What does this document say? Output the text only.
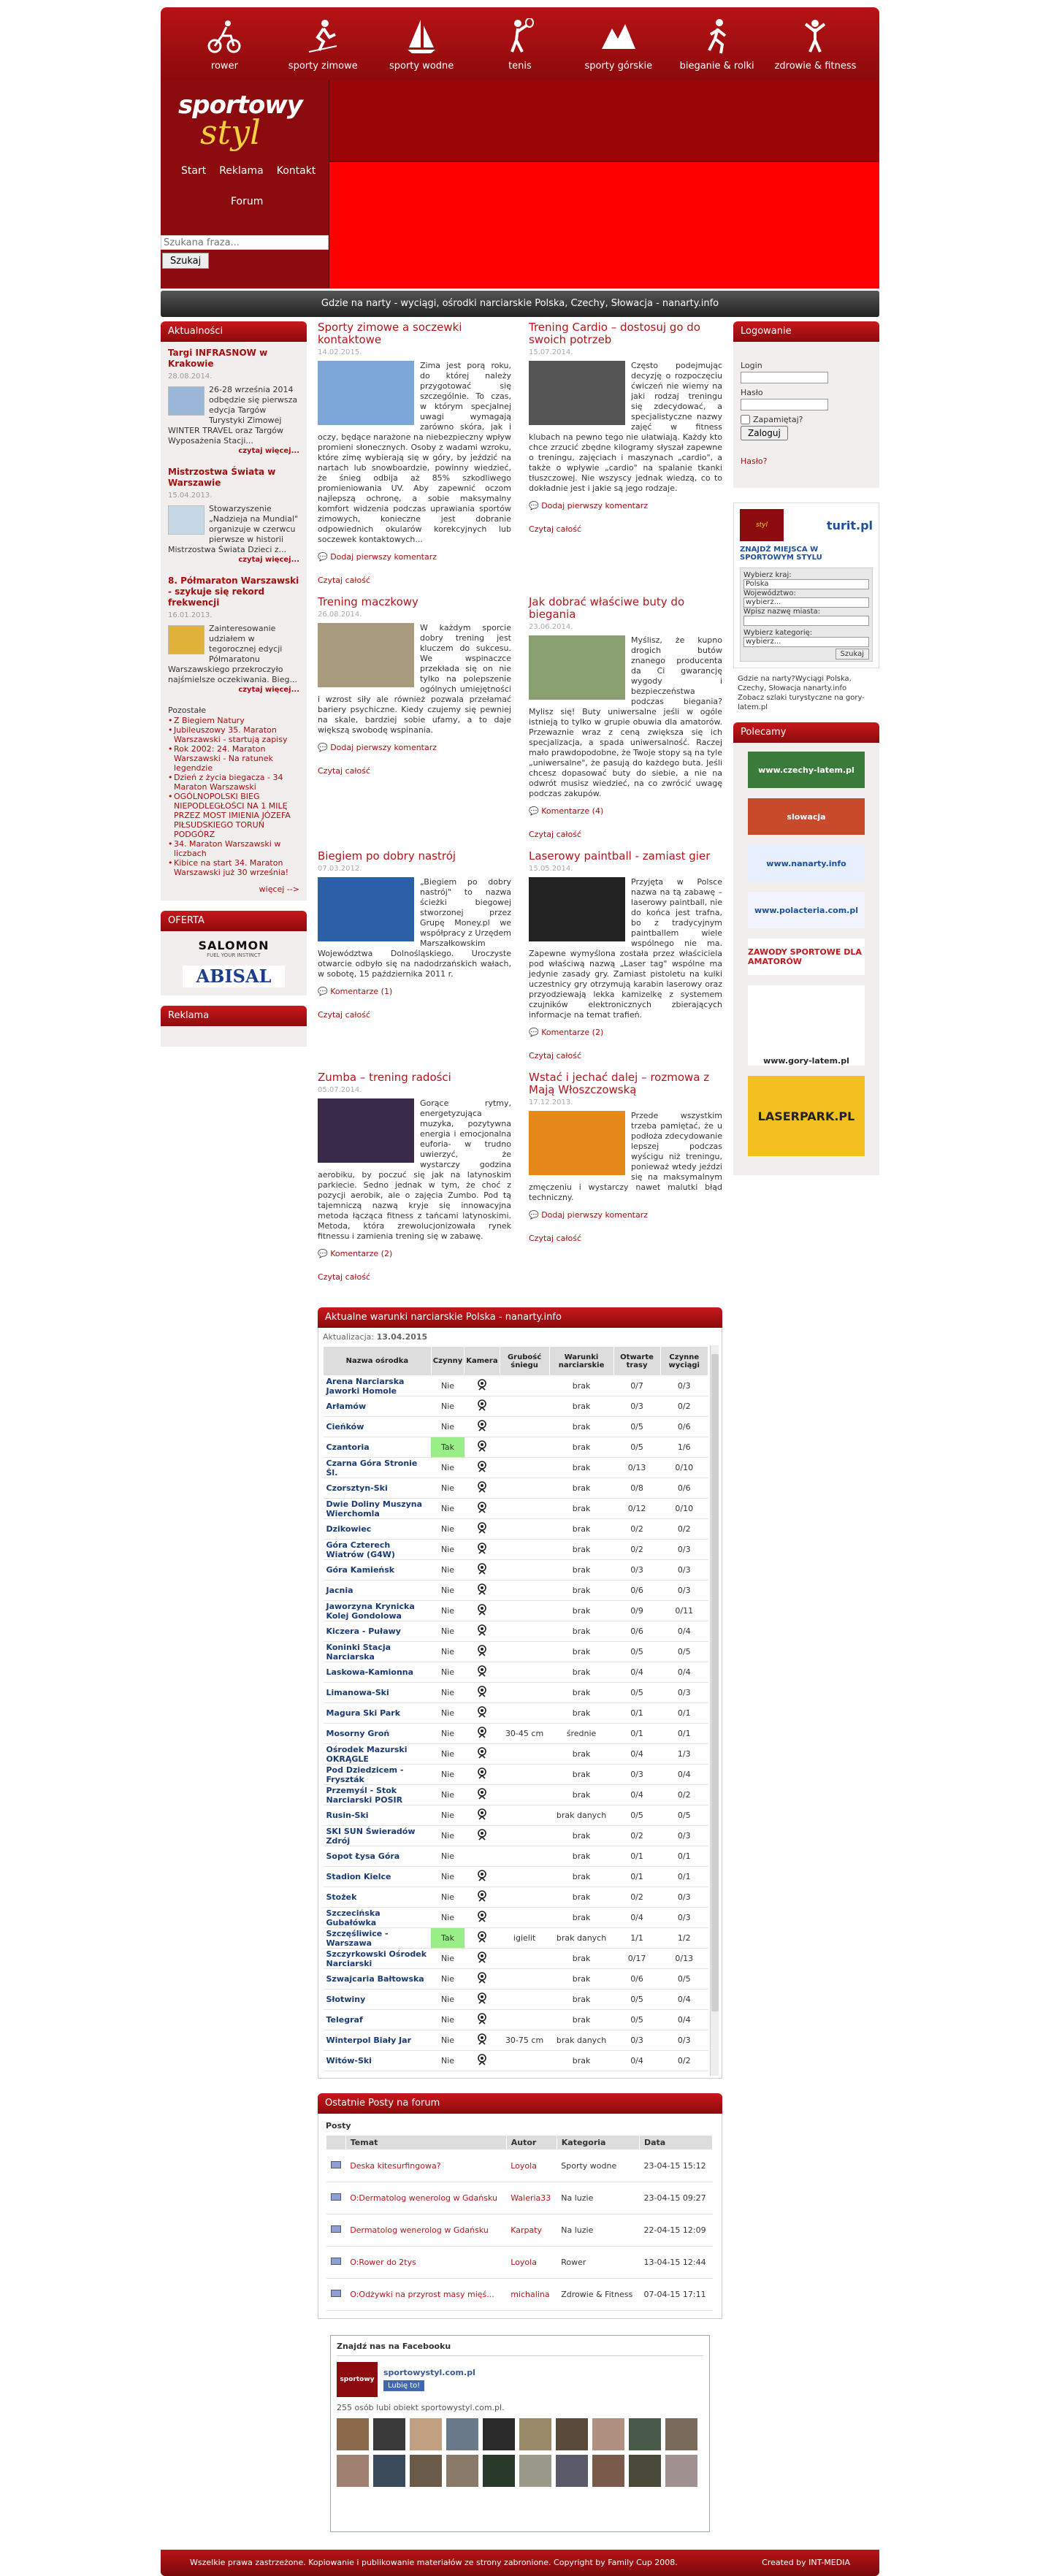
rower	sporty zimowe	sporty wodne	tenis	sporty górskie	bieganie & rolki zdrowie & fitness
sportowy
styl
Start Reklama Kontakt
Forum
Szukana fraza... Szukaj
Gdzie na narty - wyciągi, ośrodki narciarskie Polska, Czechy, Słowacja - nanarty.info
Aktualności
Targi INFRASNOW w Krakowie
28.08.2014.
26-28 września 2014 odbędzie się pierwsza edycja Targów Turystyki Zimowej WINTER TRAVEL oraz Targów Wyposażenia Stacji...
czytaj więcej...
Mistrzostwa Świata w Warszawie
15.04.2013.
Stowarzyszenie „Nadzieja na Mundial" organizuje w czerwcu pierwsze w historii Mistrzostwa Świata Dzieci z...
czytaj więcej...
8. Półmaraton Warszawski - szykuje się rekord frekwencji
16.01.2013.
Zainteresowanie udziałem w tegorocznej edycji Półmaratonu Warszawskiego przekroczyło najśmielsze oczekiwania. Bieg...
czytaj więcej...
Pozostałe
• Z Biegiem Natury
• Jubileuszowy 35. Maraton Warszawski - startują zapisy
• Rok 2002: 24. Maraton Warszawski - Na ratunek legendzie
• Dzień z życia biegacza - 34 Maraton Warszawski
• OGÓLNOPOLSKI BIEG NIEPODLEGŁOŚCI NA 1 MILĘ PRZEZ MOST IMIENIA JÓZEFA PIŁSUDSKIEGO TORUŃ PODGÓRZ
• 34. Maraton Warszawski w liczbach
• Kibice na start 34. Maraton Warszawski już 30 września!
więcej -->
OFERTA
SALOMON
FUEL YOUR INSTINCT
ABISAL
Reklama
Sporty zimowe a soczewki kontaktowe
14.02.2015.
Zima jest porą roku, do której należy przygotować się szczególnie. To czas, w którym specjalnej uwagi wymagają zarówno skóra, jak i oczy, będące narażone na niebezpieczny wpływ promieni słonecznych. Osoby z wadami wzroku, które zimę wybierają się w góry, by jeździć na nartach lub snowboardzie, powinny wiedzieć, że śnieg odbija aż 85% szkodliwego promieniowania UV. Aby zapewnić oczom najlepszą ochronę, a sobie maksymalny komfort widzenia podczas uprawiania sportów zimowych, konieczne jest dobranie odpowiednich okularów korekcyjnych lub soczewek kontaktowych...
💬 Dodaj pierwszy komentarz
Czytaj całość
Trening Cardio – dostosuj go do swoich potrzeb
15.07.2014.
Często podejmując decyzję o rozpoczęciu ćwiczeń nie wiemy na jaki rodzaj treningu się zdecydować, a specjalistyczne nazwy zajęć w fitness klubach na pewno tego nie ułatwiają. Każdy kto chce zrzucić zbędne kilogramy słyszał zapewne o treningu, zajęciach i maszynach „cardio", a także o wpływie „cardio" na spalanie tkanki tłuszczowej. Nie wszyscy jednak wiedzą, co to dokładnie jest i jakie są jego rodzaje.
💬 Dodaj pierwszy komentarz
Czytaj całość
Trening maczkowy
26.08.2014.
W każdym sporcie dobry trening jest kluczem do sukcesu. We wspinaczce przekłada się on nie tylko na polepszenie ogólnych umiejętności i wzrost siły ale również pozwala przełamać bariery psychiczne. Kiedy czujemy się pewniej na skale, bardziej sobie ufamy, a to daje większą swobodę wspinania.
💬 Dodaj pierwszy komentarz
Czytaj całość
Jak dobrać właściwe buty do biegania
23.06.2014.
Myślisz, że kupno drogich butów znanego producenta da Ci gwarancję wygody i bezpieczeństwa podczas biegania? Mylisz się! Buty uniwersalne jeśli w ogóle istnieją to tylko w grupie obuwia dla amatorów. Przewaznie wraz z ceną zwiększa się ich specjalizacja, a spada uniwersalność. Raczej mało prawdopodobne, że Twoje stopy są na tyle „uniwersalne", że pasują do każdego buta. Jeśli chcesz dopasować buty do siebie, a nie na odwrót musisz wiedzieć, na co zwrócić uwagę podczas zakupów.
💬 Komentarze (4)
Czytaj całość
Biegiem po dobry nastrój
07.03.2012.
„Biegiem po dobry nastrój" to nazwa ścieżki biegowej stworzonej przez Grupę Money.pl we współpracy z Urzędem Marszałkowskim Województwa Dolnośląskiego. Uroczyste otwarcie odbyło się na nadodrzańskich wałach, w sobotę, 15 października 2011 r.
💬 Komentarze (1)
Czytaj całość
Laserowy paintball - zamiast gier
15.05.2014.
Przyjęta w Polsce nazwa na tą zabawę – laserowy paintball, nie do końca jest trafna, bo z tradycyjnym paintballem wiele wspólnego nie ma. Zapewne wymyślona została przez właściciela pod właściwą nazwą „Laser tag" wspólne ma jedynie zasady gry. Zamiast pistoletu na kulki uczestnicy gry otrzymują karabin laserowy oraz przyodziewają lekka kamizelkę z systemem czujników elektronicznych zbierających informacje na temat trafień.
💬 Komentarze (2)
Czytaj całość
Zumba – trening radości
05.07.2014.
Gorące rytmy, energetyzująca muzyka, pozytywna energia i emocjonalna euforia- w trudno uwierzyć, że wystarczy godzina aerobiku, by poczuć się jak na latynoskim parkiecie. Sedno jednak w tym, że choć z pozycji aerobik, ale o zajęcia Zumbo. Pod tą tajemniczą nazwą kryje się innowacyjna metoda łącząca fitness z tańcami latynoskimi. Metoda, która zrewolucjonizowała rynek fitnessu i zamienia trening się w zabawę.
💬 Komentarze (2)
Czytaj całość
Wstać i jechać dalej – rozmowa z Mają Włoszczowską
17.12.2013.
Przede wszystkim trzeba pamiętać, że u podłoża zdecydowanie lepszej podczas wyścigu niż treningu, ponieważ wtedy jeździ się na maksymalnym zmęczeniu i wystarczy nawet malutki błąd techniczny.
💬 Dodaj pierwszy komentarz
Czytaj całość
Aktualne warunki narciarskie Polska - nanarty.info
Aktualizacja: 13.04.2015
Nazwa ośrodka	Czynny	Kamera	Grubość śniegu	Warunki narciarskie	Otwarte trasy	Czynne wyciągi
Arena Narciarska Jaworki Homole	Nie			brak	0/7	0/3
Arłamów	Nie			brak	0/3	0/2
Cieńków	Nie			brak	0/5	0/6
Czantoria	Tak			brak	0/5	1/6
Czarna Góra Stronie Śl.	Nie			brak	0/13	0/10
Czorsztyn-Ski	Nie			brak	0/8	0/6
Dwie Doliny Muszyna Wierchomla	Nie			brak	0/12	0/10
Dzikowiec	Nie			brak	0/2	0/2
Góra Czterech Wiatrów (G4W)	Nie			brak	0/2	0/3
Góra Kamieńsk	Nie			brak	0/3	0/3
Jacnia	Nie			brak	0/6	0/3
Jaworzyna Krynicka Kolej Gondolowa	Nie			brak	0/9	0/11
Kiczera - Puławy	Nie			brak	0/6	0/4
Koninki Stacja Narciarska	Nie			brak	0/5	0/5
Laskowa-Kamionna	Nie			brak	0/4	0/4
Limanowa-Ski	Nie			brak	0/5	0/3
Magura Ski Park	Nie			brak	0/1	0/1
Mosorny Groń	Nie		30-45 cm	średnie	0/1	0/1
Ośrodek Mazurski OKRĄGLE	Nie			brak	0/4	1/3
Pod Dziedzicem - Fryszták	Nie			brak	0/3	0/4
Przemyśl - Stok Narciarski POSIR	Nie			brak	0/4	0/2
Rusin-Ski	Nie			brak danych	0/5	0/5
SKI SUN Świeradów Zdrój	Nie			brak	0/2	0/3
Sopot Łysa Góra	Nie			brak	0/1	0/1
Stadion Kielce	Nie			brak	0/1	0/1
Stożek	Nie			brak	0/2	0/3
Szczecińska Gubałówka	Nie			brak	0/4	0/3
Szczęśliwice - Warszawa	Tak		igielit	brak danych	1/1	1/2
Szczyrkowski Ośrodek Narciarski	Nie			brak	0/17	0/13
Szwajcaria Bałtowska	Nie			brak	0/6	0/5
Słotwiny	Nie			brak	0/5	0/4
Telegraf	Nie			brak	0/5	0/4
Winterpol Biały Jar	Nie		30-75 cm	brak danych	0/3	0/3
Witów-Ski	Nie			brak	0/4	0/2
Ostatnie Posty na forum
Posty
	Temat	Autor	Kategoria	Data
	Deska kitesurfingowa?	Loyola	Sporty wodne	23-04-15 15:12
	O:Dermatolog wenerolog w Gdańsku	Waleria33	Na luzie	23-04-15 09:27
	Dermatolog wenerolog w Gdańsku	Karpaty	Na luzie	22-04-15 12:09
	O:Rower do 2tys	Loyola	Rower	13-04-15 12:44
	O:Odżywki na przyrost masy mięś...	michalina	Zdrowie & Fitness	07-04-15 17:11
Znajdź nas na Facebooku
sportowy
sportowystyl.com.pl
Lubię to!
255 osób lubi obiekt sportowystyl.com.pl.
Logowanie
Login
Hasło
Zapamiętaj?
Zaloguj
Hasło?
styl	turit.pl
ZNAJDŹ MIEJSCA W SPORTOWYM STYLU
Wybierz kraj:
Polska
Województwo:
wybierz...
Wpisz nazwę miasta:
Wybierz kategorię:
wybierz...
Szukaj
Gdzie na narty?Wyciągi Polska, Czechy, Słowacja nanarty.info Zobacz szlaki turystyczne na gory-latem.pl
Polecamy
www.czechy-latem.pl
slowacja
www.nanarty.info
www.polacteria.com.pl
ZAWODY SPORTOWE DLA AMATORÓW
www.gory-latem.pl
LASERPARK.PL
Wszelkie prawa zastrzeżone. Kopiowanie i publikowanie materiałów ze strony zabronione. Copyright by Family Cup 2008.	Created by INT-MEDIA
